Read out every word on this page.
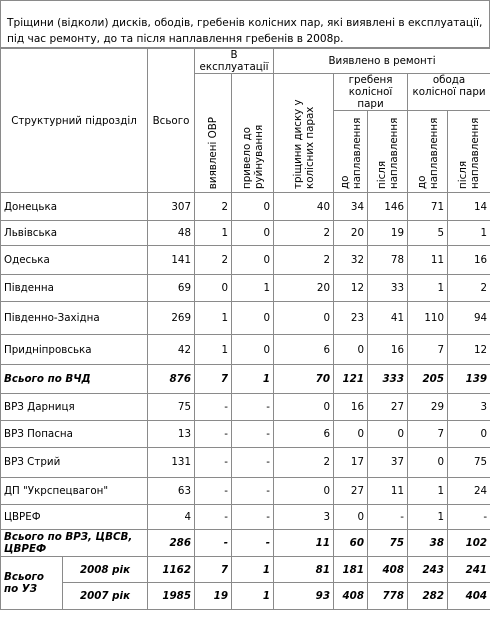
Тріщини (відколи) дисків, ободів, гребенів колісних пар, які виявлені в експлуатації, під час ремонту, до та після наплавлення гребенів в 2008р.
Структурний підрозділ		Всього	В експлуатації		Виявлено в ремонті				
			виявлені ОВР	привело до руйнування	тріщини диску у колісних парах	гребеня колісної пари		обода колісної пари	

						до наплавлення	після наплавлення	до наплавлення	після наплавлення
Донецька		307	2	0	40	34	146	71	14
Львівська		48	1	0	2	20	19	5	1
Одеська		141	2	0	2	32	78	11	16
Південна		69	0	1	20	12	33	1	2
Південно-Західна		269	1	0	0	23	41	110	94
Придніпровська		42	1	0	6	0	16	7	12
Всього по ВЧД		876	7	1	70	121	333	205	139
ВРЗ Дарниця		75	-	-	0	16	27	29	3
ВРЗ Попасна		13	-	-	6	0	0	7	0
ВРЗ Стрий		131	-	-	2	17	37	0	75
ДП "Укрспецвагон"		63	-	-	0	27	11	1	24
ЦВРЕФ		4	-	-	3	0	-	1	-
Всього по ВРЗ, ЦВСВ, ЦВРЕФ		286	-	-	11	60	75	38	102
Всього по УЗ	2008 рік	1162	7	1	81	181	408	243	241
	2007 рік	1985	19	1	93	408	778	282	404
